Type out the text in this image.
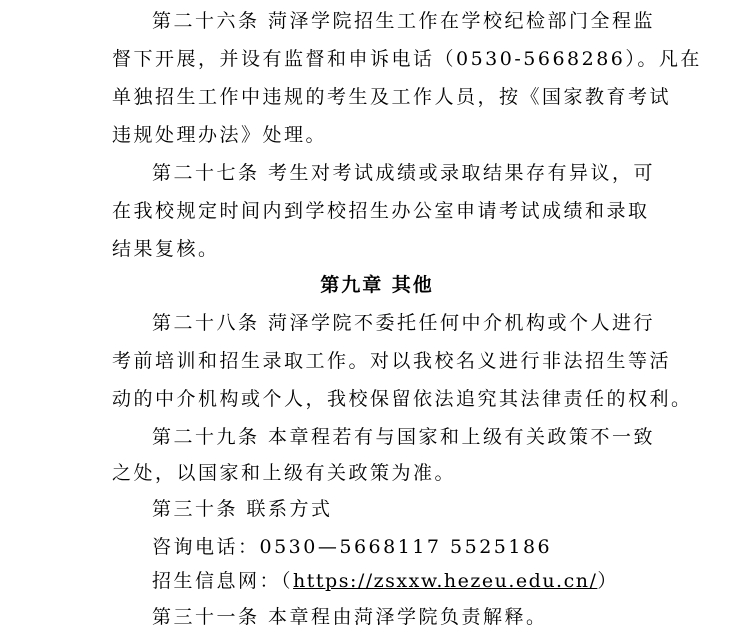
第二十六条 菏泽学院招生工作在学校纪检部门全程监
督下开展，并设有监督和申诉电话（0530-5668286）。凡在
单独招生工作中违规的考生及工作人员，按《国家教育考试
违规处理办法》处理。
第二十七条 考生对考试成绩或录取结果存有异议，可
在我校规定时间内到学校招生办公室申请考试成绩和录取
结果复核。
第九章 其他
第二十八条 菏泽学院不委托任何中介机构或个人进行
考前培训和招生录取工作。对以我校名义进行非法招生等活
动的中介机构或个人，我校保留依法追究其法律责任的权利。
第二十九条 本章程若有与国家和上级有关政策不一致
之处，以国家和上级有关政策为准。
第三十条 联系方式
咨询电话：0530—5668117 5525186
招生信息网：（https://zsxxw.hezeu.edu.cn/）
第三十一条 本章程由菏泽学院负责解释。
